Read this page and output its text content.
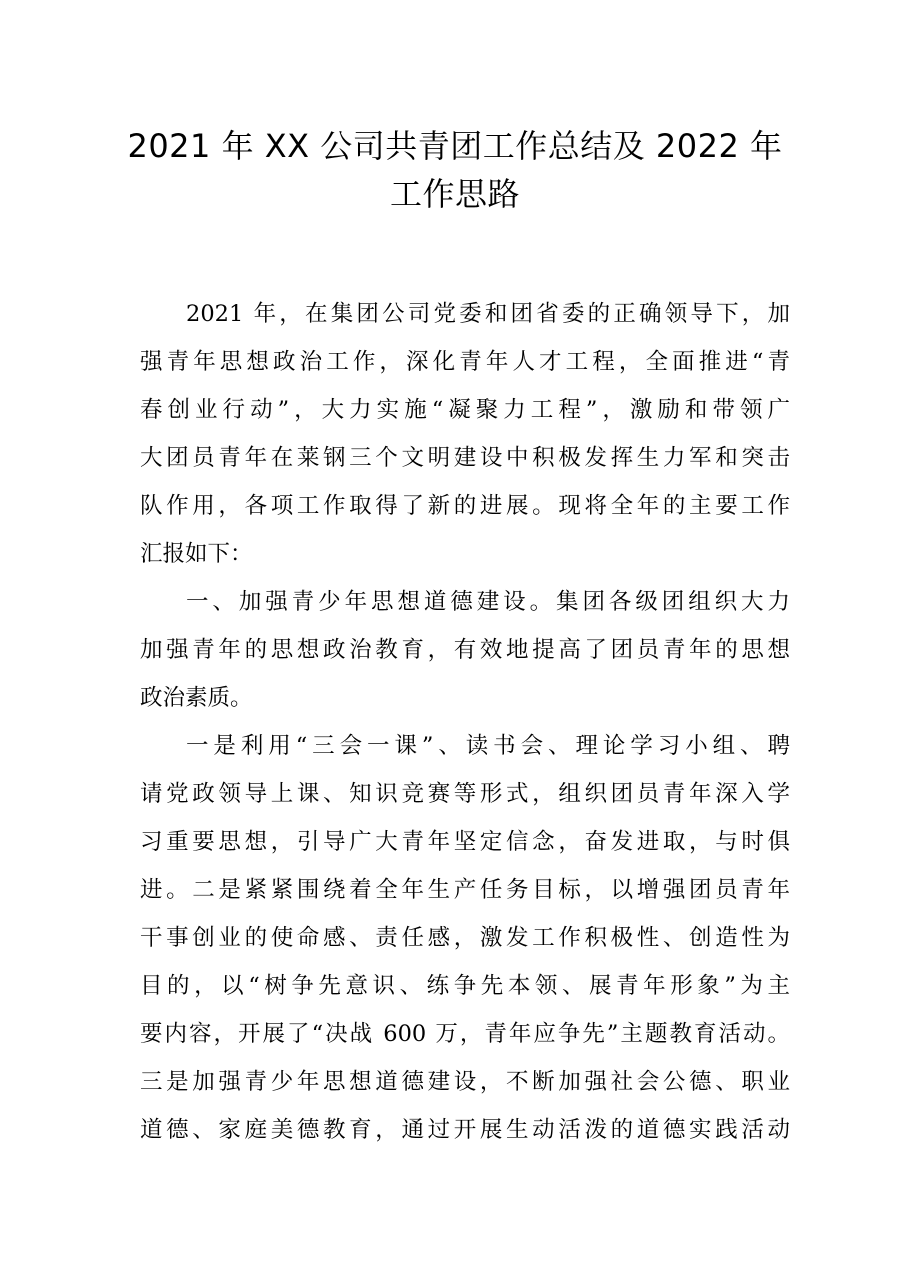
2021 年 XX 公司共青团工作总结及 2022 年
工作思路
2021 年，在集团公司党委和团省委的正确领导下，加
强青年思想政治工作，深化青年人才工程，全面推进“青
春创业行动”，大力实施“凝聚力工程”，激励和带领广
大团员青年在莱钢三个文明建设中积极发挥生力军和突击
队作用，各项工作取得了新的进展。现将全年的主要工作
汇报如下：
一、加强青少年思想道德建设。集团各级团组织大力
加强青年的思想政治教育，有效地提高了团员青年的思想
政治素质。
一是利用“三会一课”、读书会、理论学习小组、聘
请党政领导上课、知识竞赛等形式，组织团员青年深入学
习重要思想，引导广大青年坚定信念，奋发进取，与时俱
进。二是紧紧围绕着全年生产任务目标，以增强团员青年
干事创业的使命感、责任感，激发工作积极性、创造性为
目的，以“树争先意识、练争先本领、展青年形象”为主
要内容，开展了“决战 600 万，青年应争先”主题教育活动。
三是加强青少年思想道德建设，不断加强社会公德、职业
道德、家庭美德教育，通过开展生动活泼的道德实践活动
